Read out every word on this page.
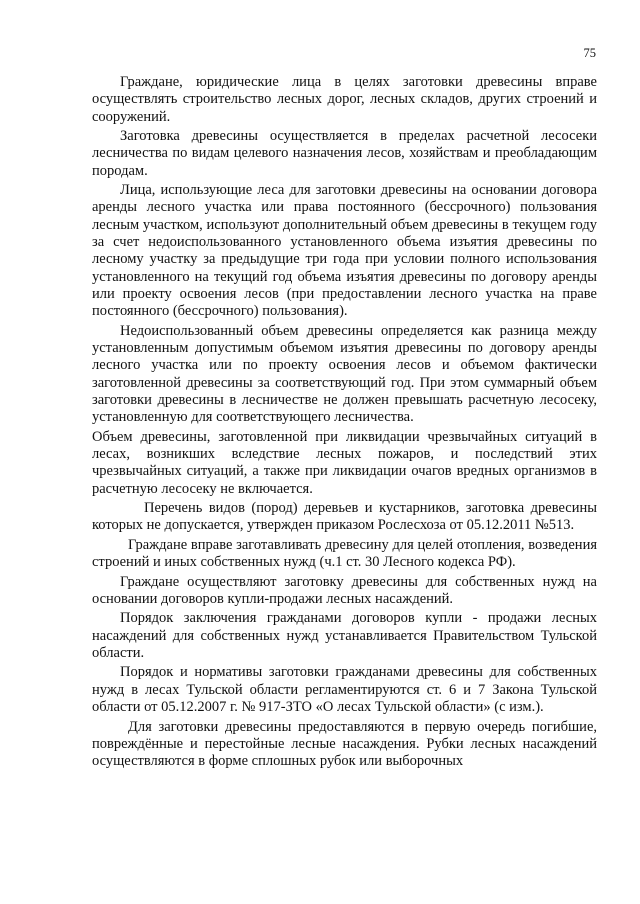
75

Граждане, юридические лица в целях заготовки древесины вправе осуществлять строительство лесных дорог, лесных складов, других строений и сооружений.

Заготовка древесины осуществляется в пределах расчетной лесосеки лесничества по видам целевого назначения лесов, хозяйствам и преобладающим породам.

Лица, использующие леса для заготовки древесины на основании договора аренды лесного участка или права постоянного (бессрочного) пользования лесным участком, используют дополнительный объем древесины в текущем году за счет недоиспользованного установленного объема изъятия древесины по лесному участку за предыдущие три года при условии полного использования установленного на текущий год объема изъятия древесины по договору аренды или проекту освоения лесов (при предоставлении лесного участка на праве постоянного (бессрочного) пользования).

Недоиспользованный объем древесины определяется как разница между установленным допустимым объемом изъятия древесины по договору аренды лесного участка или по проекту освоения лесов и объемом фактически заготовленной древесины за соответствующий год. При этом суммарный объем заготовки древесины в лесничестве не должен превышать расчетную лесосеку, установленную для соответствующего лесничества.

Объем древесины, заготовленной при ликвидации чрезвычайных ситуаций в лесах, возникших вследствие лесных пожаров, и последствий этих чрезвычайных ситуаций, а также при ликвидации очагов вредных организмов в расчетную лесосеку не включается.

Перечень видов (пород) деревьев и кустарников, заготовка древесины которых не допускается, утвержден приказом Рослесхоза от 05.12.2011 №513.

Граждане вправе заготавливать древесину для целей отопления, возведения строений и иных собственных нужд (ч.1 ст. 30 Лесного кодекса РФ).

Граждане осуществляют заготовку древесины для собственных нужд на основании договоров купли-продажи лесных насаждений.

Порядок заключения гражданами договоров купли - продажи лесных насаждений для собственных нужд устанавливается Правительством Тульской области.

Порядок и нормативы заготовки гражданами древесины для собственных нужд в лесах Тульской области регламентируются ст. 6 и 7 Закона Тульской области от 05.12.2007 г. № 917-ЗТО «О лесах Тульской области» (с изм.).

Для заготовки древесины предоставляются в первую очередь погибшие, повреждённые и перестойные лесные насаждения. Рубки лесных насаждений осуществляются в форме сплошных рубок или выборочных
